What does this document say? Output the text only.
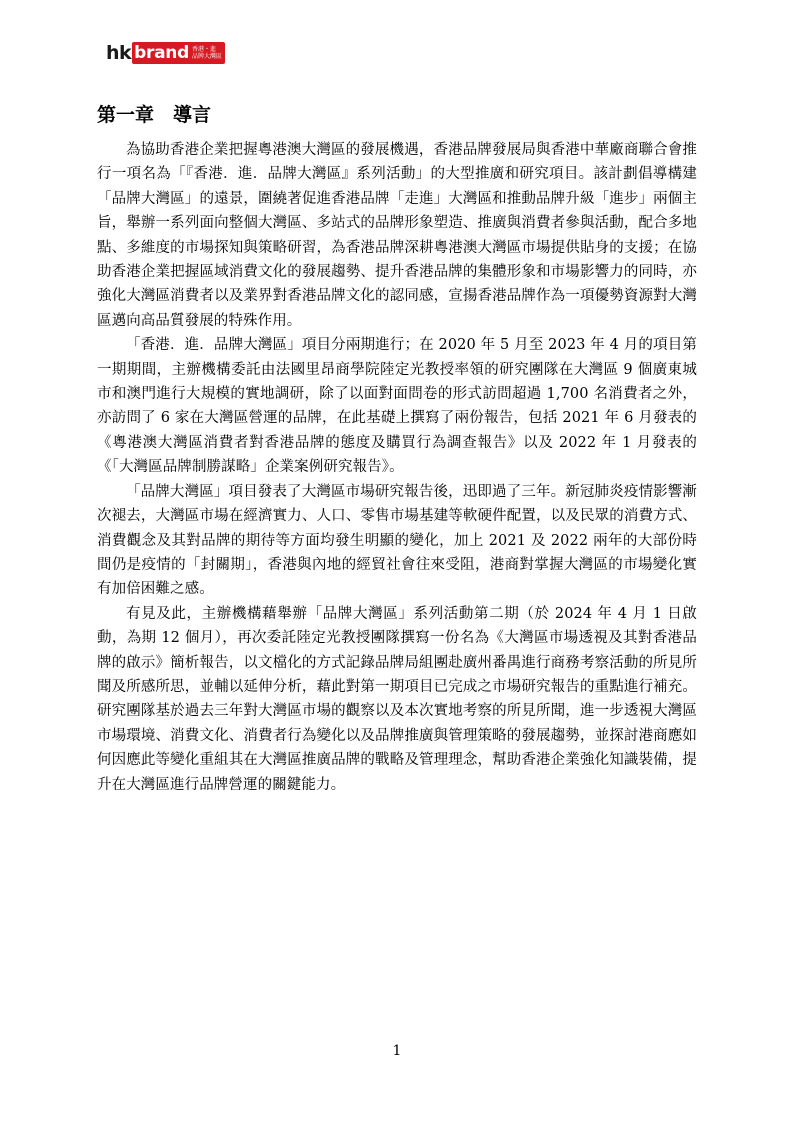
hk brand 香港・進
品牌大灣區
第一章　導言

為協助香港企業把握粵港澳大灣區的發展機遇，香港品牌發展局與香港中華廠商聯合會推行一項名為「『香港．進．品牌大灣區』系列活動」的大型推廣和研究項目。該計劃倡導構建「品牌大灣區」的遠景，圍繞著促進香港品牌「走進」大灣區和推動品牌升級「進步」兩個主旨，舉辦一系列面向整個大灣區、多站式的品牌形象塑造、推廣與消費者參與活動，配合多地點、多維度的市場探知與策略研習，為香港品牌深耕粵港澳大灣區市場提供貼身的支援；在協助香港企業把握區域消費文化的發展趨勢、提升香港品牌的集體形象和市場影響力的同時，亦強化大灣區消費者以及業界對香港品牌文化的認同感，宣揚香港品牌作為一項優勢資源對大灣區邁向高品質發展的特殊作用。

「香港．進．品牌大灣區」項目分兩期進行；在 2020 年 5 月至 2023 年 4 月的項目第一期期間，主辦機構委託由法國里昂商學院陸定光教授率領的研究團隊在大灣區 9 個廣東城市和澳門進行大規模的實地調研，除了以面對面問卷的形式訪問超過 1,700 名消費者之外，亦訪問了 6 家在大灣區營運的品牌，在此基礎上撰寫了兩份報告，包括 2021 年 6 月發表的《粵港澳大灣區消費者對香港品牌的態度及購買行為調查報告》以及 2022 年 1 月發表的《「大灣區品牌制勝謀略」企業案例研究報告》。

「品牌大灣區」項目發表了大灣區市場研究報告後，迅即過了三年。新冠肺炎疫情影響漸次褪去，大灣區市場在經濟實力、人口、零售市場基建等軟硬件配置，以及民眾的消費方式、消費觀念及其對品牌的期待等方面均發生明顯的變化，加上 2021 及 2022 兩年的大部份時間仍是疫情的「封關期」，香港與內地的經貿社會往來受阻，港商對掌握大灣區的市場變化實有加倍困難之感。

有見及此，主辦機構藉舉辦「品牌大灣區」系列活動第二期（於 2024 年 4 月 1 日啟動，為期 12 個月），再次委託陸定光教授團隊撰寫一份名為《大灣區市場透視及其對香港品牌的啟示》簡析報告，以文檔化的方式記錄品牌局組團赴廣州番禺進行商務考察活動的所見所聞及所感所思，並輔以延伸分析，藉此對第一期項目已完成之市場研究報告的重點進行補充。研究團隊基於過去三年對大灣區市場的觀察以及本次實地考察的所見所聞，進一步透視大灣區市場環境、消費文化、消費者行為變化以及品牌推廣與管理策略的發展趨勢，並探討港商應如何因應此等變化重組其在大灣區推廣品牌的戰略及管理理念，幫助香港企業強化知識裝備，提升在大灣區進行品牌營運的關鍵能力。

1
